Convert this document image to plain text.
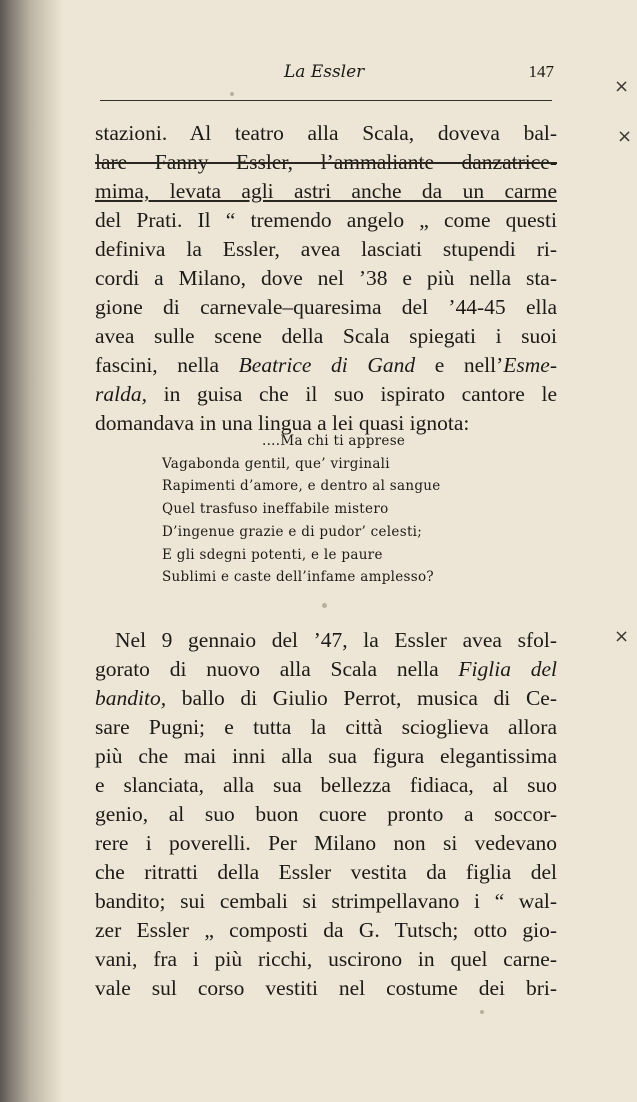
La Essler	147
stazioni. Al teatro alla Scala, doveva bal-
lare Fanny Essler, l’ammaliante danzatrice-
mima, levata agli astri anche da un carme
del Prati. Il “ tremendo angelo „ come questi
definiva la Essler, avea lasciati stupendi ri-
cordi a Milano, dove nel ’38 e più nella sta-
gione di carnevale–quaresima del ’44-45 ella
avea sulle scene della Scala spiegati i suoi
fascini, nella Beatrice di Gand e nell’Esme-
ralda, in guisa che il suo ispirato cantore le
domandava in una lingua a lei quasi ignota:
....Ma chi ti apprese
Vagabonda gentil, que’ virginali
Rapimenti d’amore, e dentro al sangue
Quel trasfuso ineffabile mistero
D’ingenue grazie e di pudor’ celesti;
E gli sdegni potenti, e le paure
Sublimi e caste dell’infame amplesso?
Nel 9 gennaio del ’47, la Essler avea sfol-
gorato di nuovo alla Scala nella Figlia del
bandito, ballo di Giulio Perrot, musica di Ce-
sare Pugni; e tutta la città scioglieva allora
più che mai inni alla sua figura elegantissima
e slanciata, alla sua bellezza fidiaca, al suo
genio, al suo buon cuore pronto a soccor-
rere i poverelli. Per Milano non si vedevano
che ritratti della Essler vestita da figlia del
bandito; sui cembali si strimpellavano i “ wal-
zer Essler „ composti da G. Tutsch; otto gio-
vani, fra i più ricchi, uscirono in quel carne-
vale sul corso vestiti nel costume dei bri-
×
×
×
